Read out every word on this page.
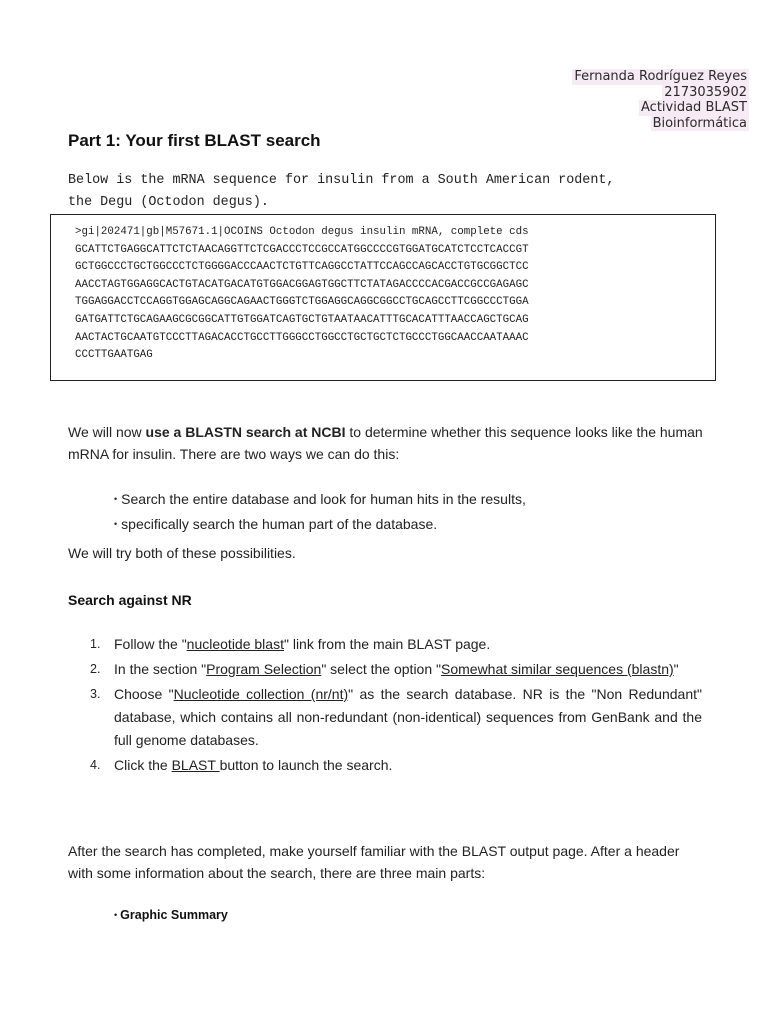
Fernanda Rodríguez Reyes
2173035902
Actividad BLAST
Bioinformática
Part 1: Your first BLAST search

Below is the mRNA sequence for insulin from a South American rodent,
the Degu (Octodon degus).

>gi|202471|gb|M57671.1|OCOINS Octodon degus insulin mRNA, complete cds
GCATTCTGAGGCATTCTCTAACAGGTTCTCGACCCTCCGCCATGGCCCCGTGGATGCATCTCCTCACCGT
GCTGGCCCTGCTGGCCCTCTGGGGACCCAACTCTGTTCAGGCCTATTCCAGCCAGCACCTGTGCGGCTCC
AACCTAGTGGAGGCACTGTACATGACATGTGGACGGAGTGGCTTCTATAGACCCCACGACCGCCGAGAGC
TGGAGGACCTCCAGGTGGAGCAGGCAGAACTGGGTCTGGAGGCAGGCGGCCTGCAGCCTTCGGCCCTGGA
GATGATTCTGCAGAAGCGCGGCATTGTGGATCAGTGCTGTAATAACATTTGCACATTTAACCAGCTGCAG
AACTACTGCAATGTCCCTTAGACACCTGCCTTGGGCCTGGCCTGCTGCTCTGCCCTGGCAACCAATAAAC
CCCTTGAATGAG

We will now use a BLASTN search at NCBI to determine whether this sequence looks like the human mRNA for insulin. There are two ways we can do this:

• Search the entire database and look for human hits in the results,
• specifically search the human part of the database.

We will try both of these possibilities.

Search against NR
1. Follow the "nucleotide blast" link from the main BLAST page.
2. In the section "Program Selection" select the option "Somewhat similar sequences (blastn)"
3. Choose "Nucleotide collection (nr/nt)" as the search database. NR is the "Non Redundant" database, which contains all non-redundant (non-identical) sequences from GenBank and the full genome databases.
4. Click the BLAST button to launch the search.

After the search has completed, make yourself familiar with the BLAST output page. After a header with some information about the search, there are three main parts:

• Graphic Summary
